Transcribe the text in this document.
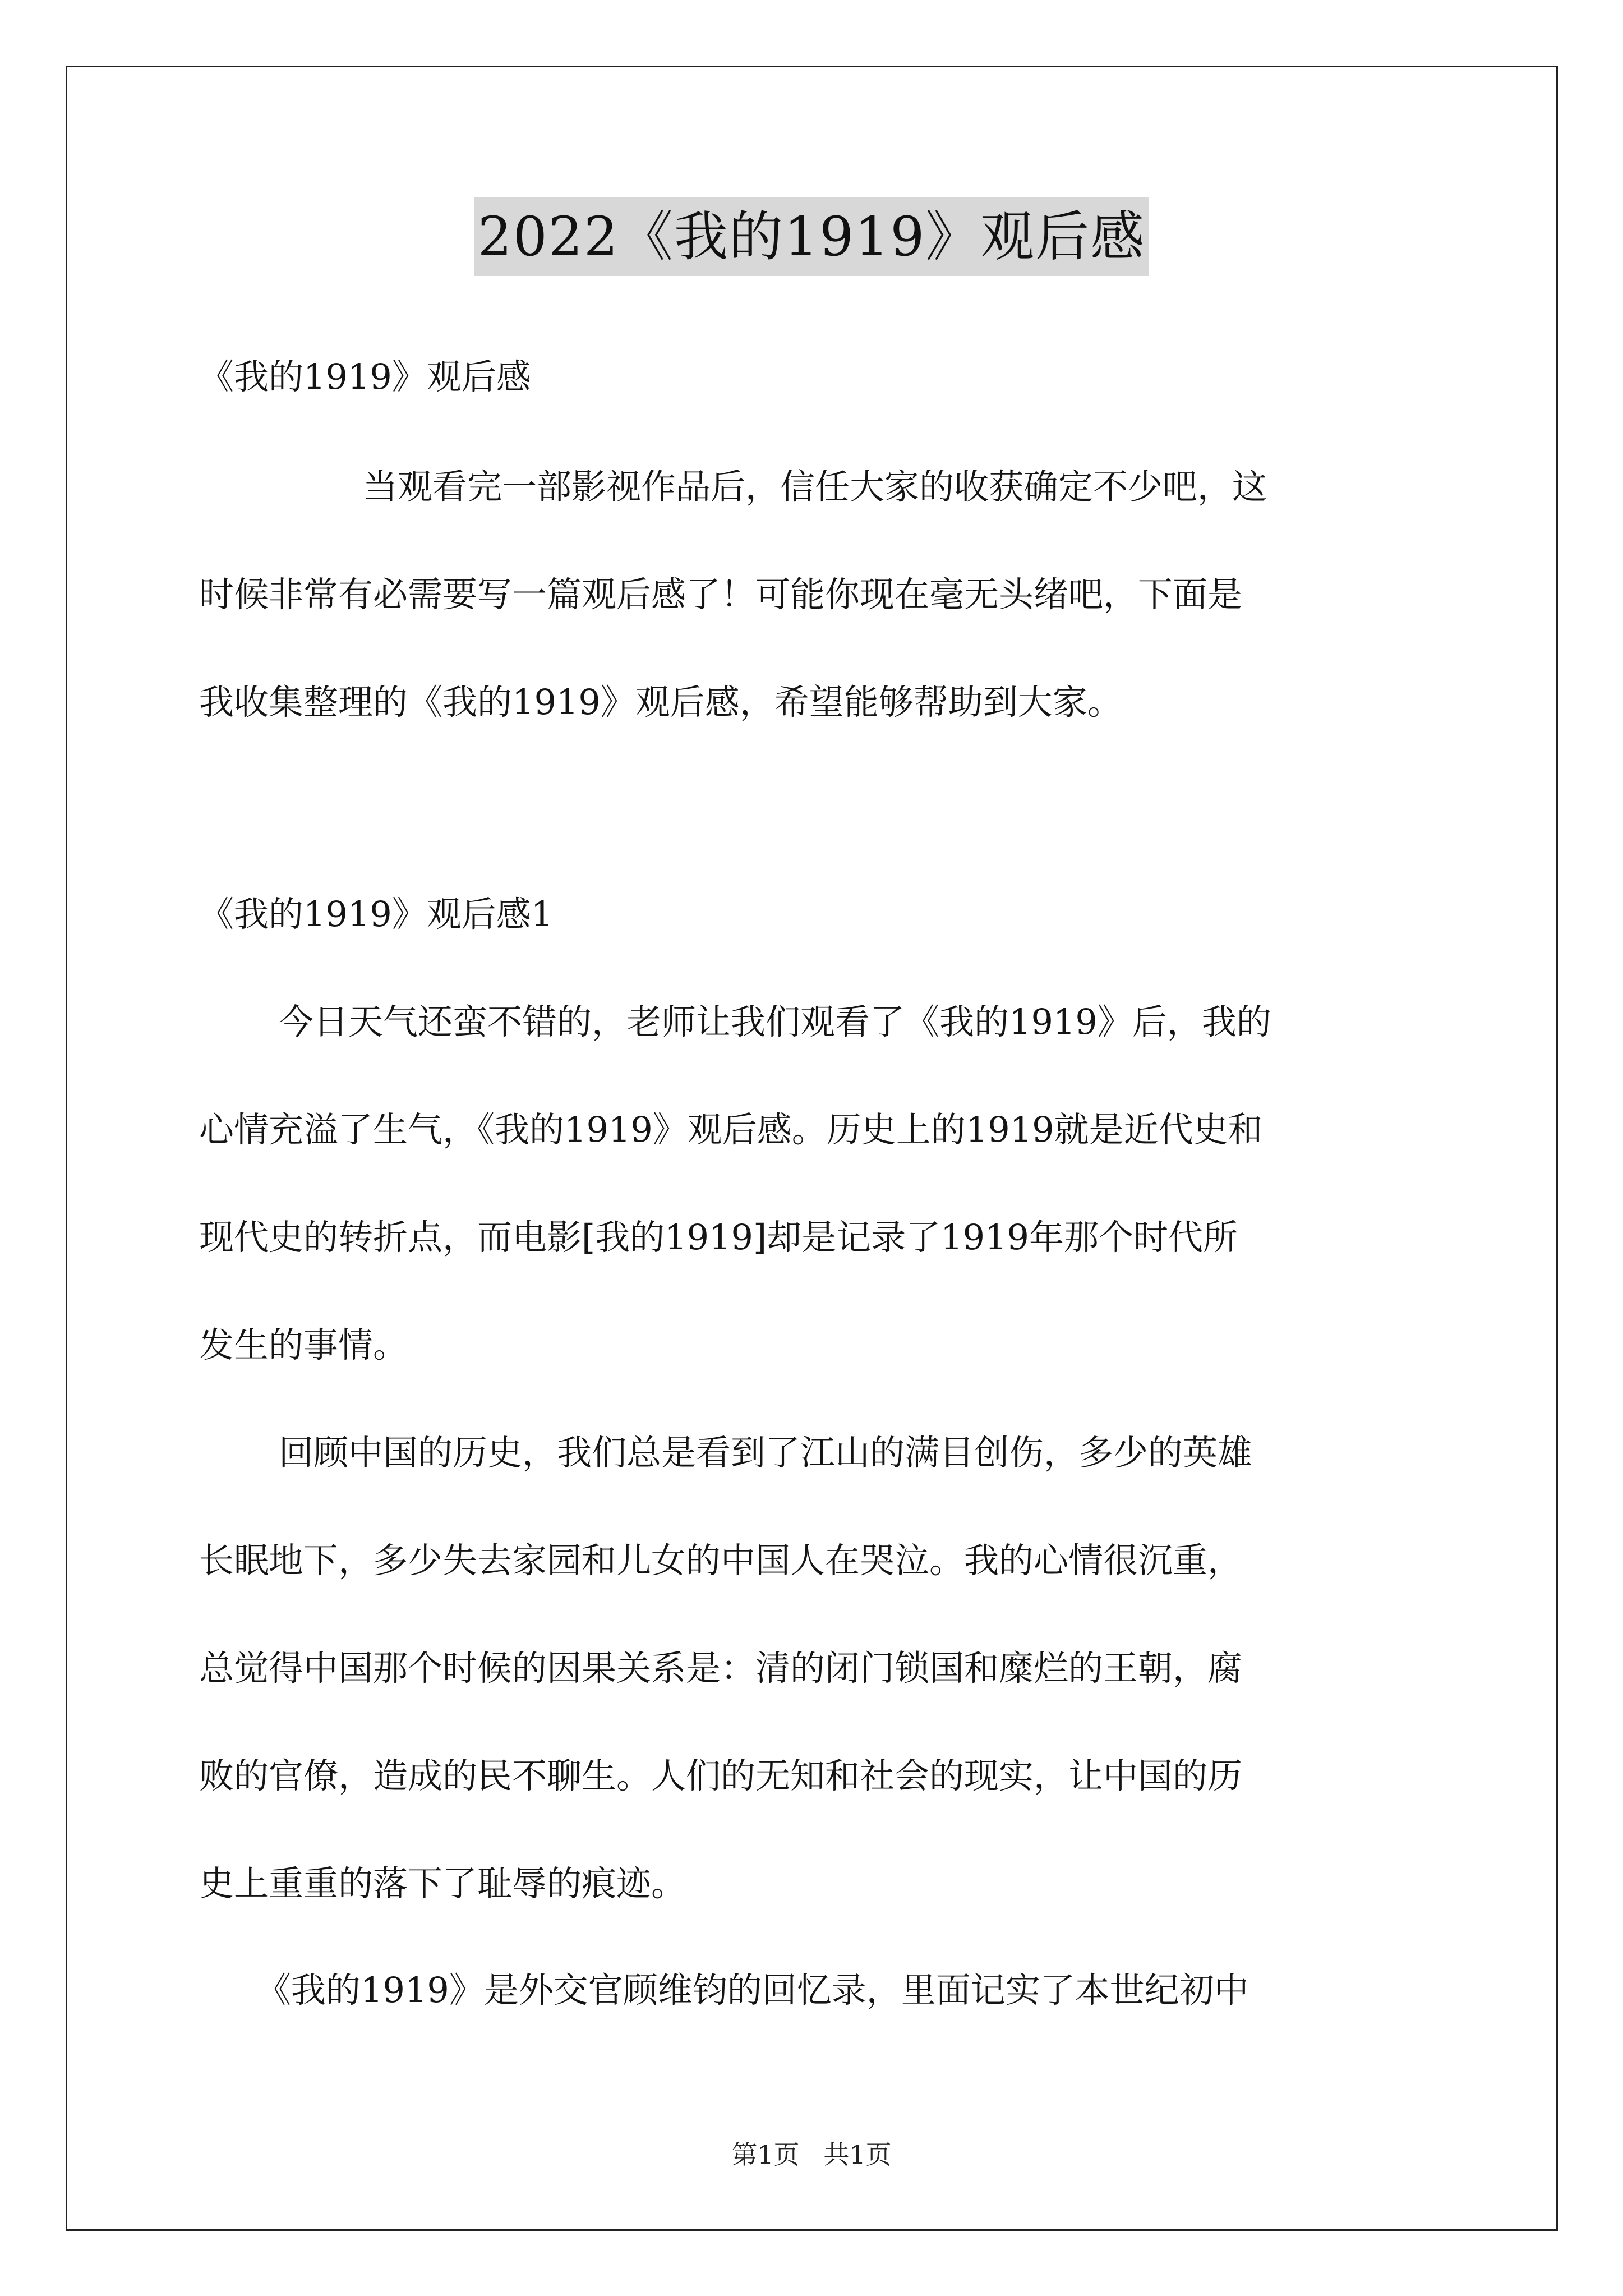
2022《我的1919》观后感
《我的1919》观后感
当观看完一部影视作品后，信任大家的收获确定不少吧，这
时候非常有必需要写一篇观后感了！可能你现在毫无头绪吧，下面是
我收集整理的《我的1919》观后感，希望能够帮助到大家。
《我的1919》观后感1
今日天气还蛮不错的，老师让我们观看了《我的1919》后，我的
心情充溢了生气，《我的1919》观后感。历史上的1919就是近代史和
现代史的转折点，而电影[我的1919]却是记录了1919年那个时代所
发生的事情。
回顾中国的历史，我们总是看到了江山的满目创伤，多少的英雄
长眠地下，多少失去家园和儿女的中国人在哭泣。我的心情很沉重，
总觉得中国那个时候的因果关系是：清的闭门锁国和糜烂的王朝，腐
败的官僚，造成的民不聊生。人们的无知和社会的现实，让中国的历
史上重重的落下了耻辱的痕迹。
《我的1919》是外交官顾维钧的回忆录，里面记实了本世纪初中
第1页 共1页
